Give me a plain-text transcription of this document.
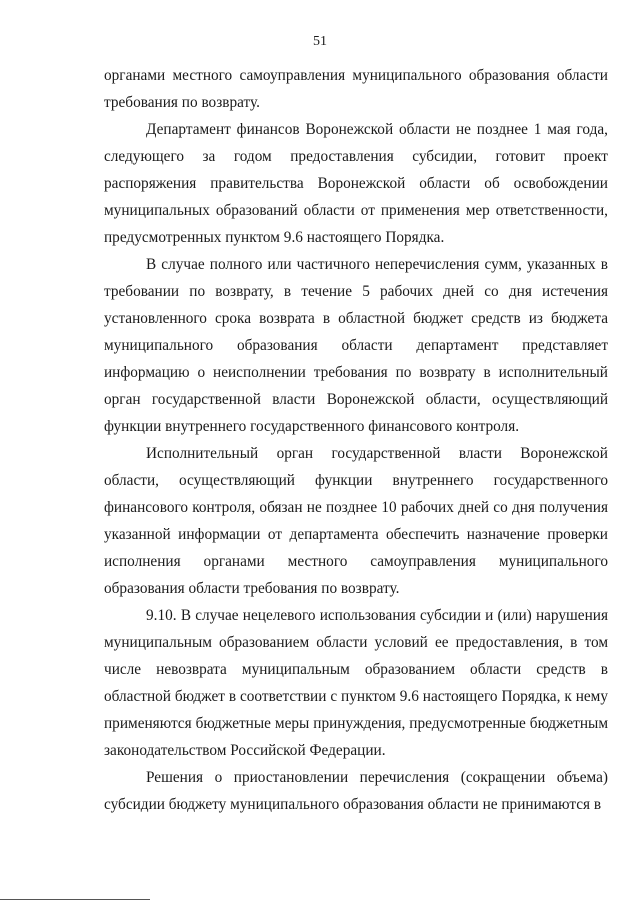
51

органами местного самоуправления муниципального образования области требования по возврату.

Департамент финансов Воронежской области не позднее 1 мая года, следующего за годом предоставления субсидии, готовит проект распоряжения правительства Воронежской области об освобождении муниципальных образований области от применения мер ответственности, предусмотренных пунктом 9.6 настоящего Порядка.

В случае полного или частичного неперечисления сумм, указанных в требовании по возврату, в течение 5 рабочих дней со дня истечения установленного срока возврата в областной бюджет средств из бюджета муниципального образования области департамент представляет информацию о неисполнении требования по возврату в исполнительный орган государственной власти Воронежской области, осуществляющий функции внутреннего государственного финансового контроля.

Исполнительный орган государственной власти Воронежской области, осуществляющий функции внутреннего государственного финансового контроля, обязан не позднее 10 рабочих дней со дня получения указанной информации от департамента обеспечить назначение проверки исполнения органами местного самоуправления муниципального образования области требования по возврату.

9.10. В случае нецелевого использования субсидии и (или) нарушения муниципальным образованием области условий ее предоставления, в том числе невозврата муниципальным образованием области средств в областной бюджет в соответствии с пунктом 9.6 настоящего Порядка, к нему применяются бюджетные меры принуждения, предусмотренные бюджетным законодательством Российской Федерации.

Решения о приостановлении перечисления (сокращении объема) субсидии бюджету муниципального образования области не принимаются в
